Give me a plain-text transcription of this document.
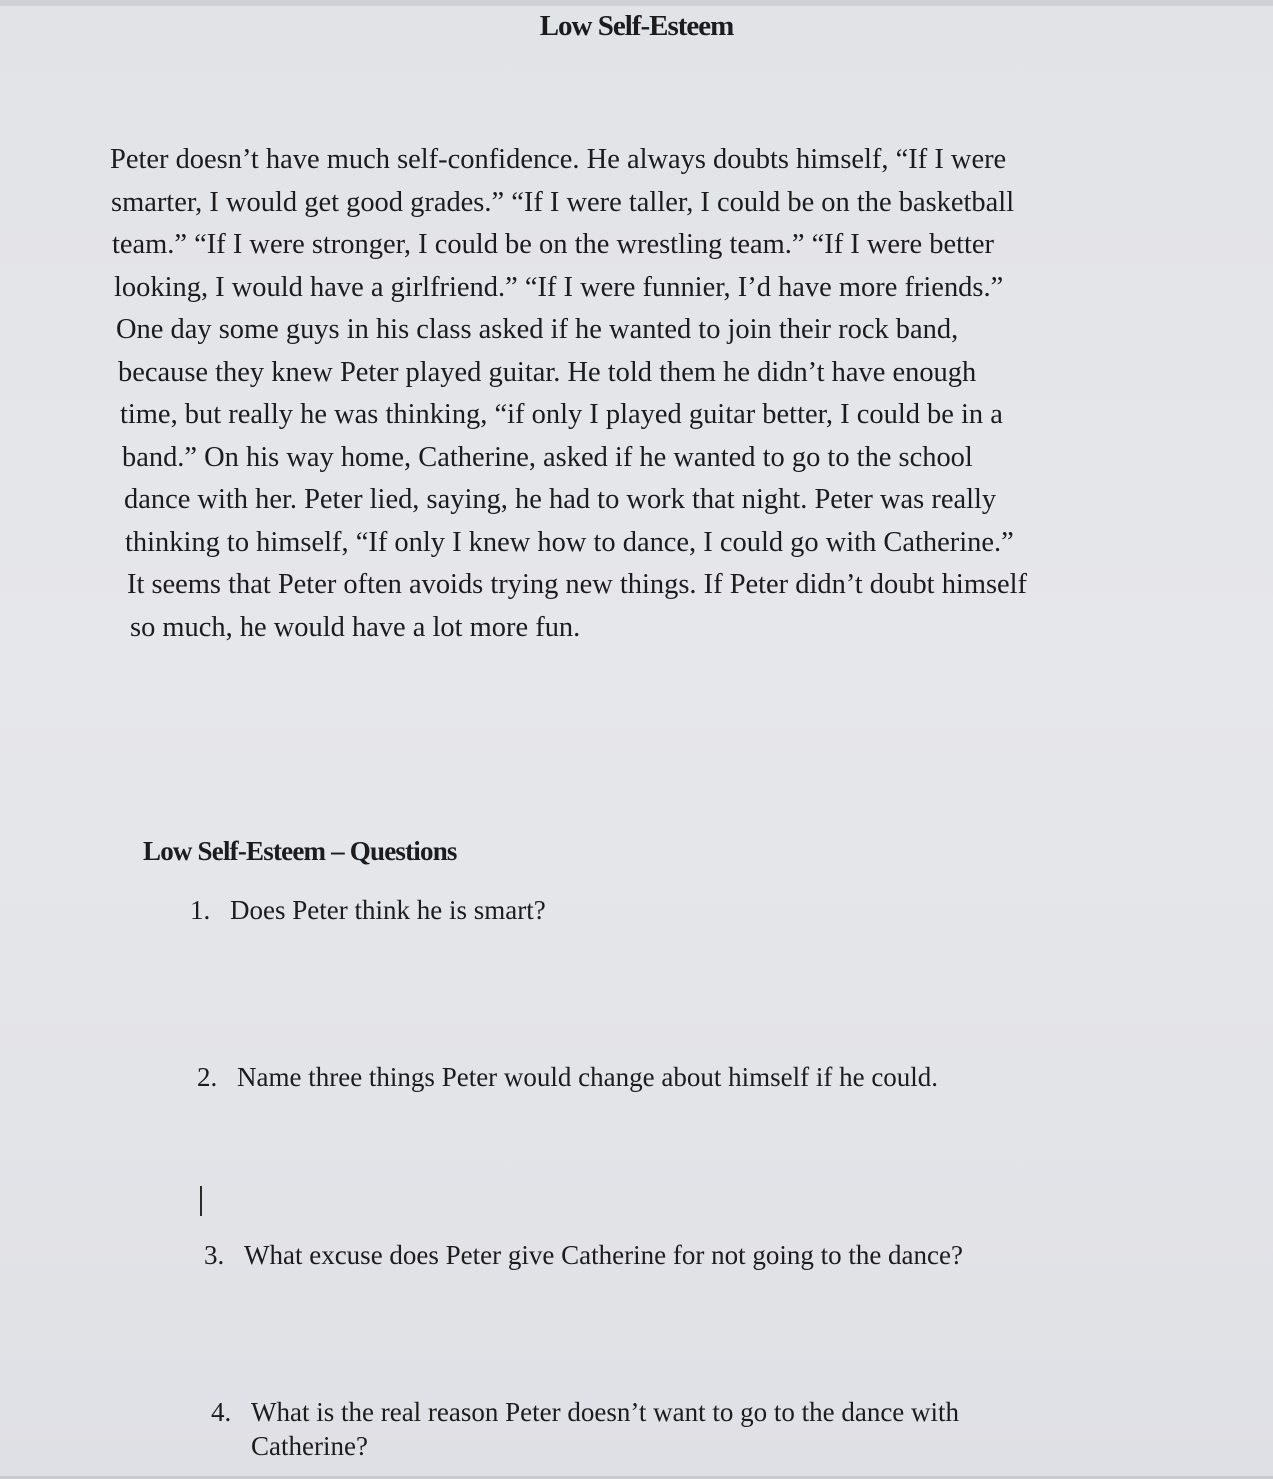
Low Self-Esteem
Peter doesn’t have much self-confidence. He always doubts himself, “If I were
smarter, I would get good grades.” “If I were taller, I could be on the basketball
team.” “If I were stronger, I could be on the wrestling team.” “If I were better
looking, I would have a girlfriend.” “If I were funnier, I’d have more friends.”
One day some guys in his class asked if he wanted to join their rock band,
because they knew Peter played guitar. He told them he didn’t have enough
time, but really he was thinking, “if only I played guitar better, I could be in a
band.” On his way home, Catherine, asked if he wanted to go to the school
dance with her. Peter lied, saying, he had to work that night. Peter was really
thinking to himself, “If only I knew how to dance, I could go with Catherine.”
It seems that Peter often avoids trying new things. If Peter didn’t doubt himself
so much, he would have a lot more fun.
Low Self-Esteem – Questions
1. Does Peter think he is smart?
2. Name three things Peter would change about himself if he could.
3. What excuse does Peter give Catherine for not going to the dance?
4. What is the real reason Peter doesn’t want to go to the dance with
Catherine?
